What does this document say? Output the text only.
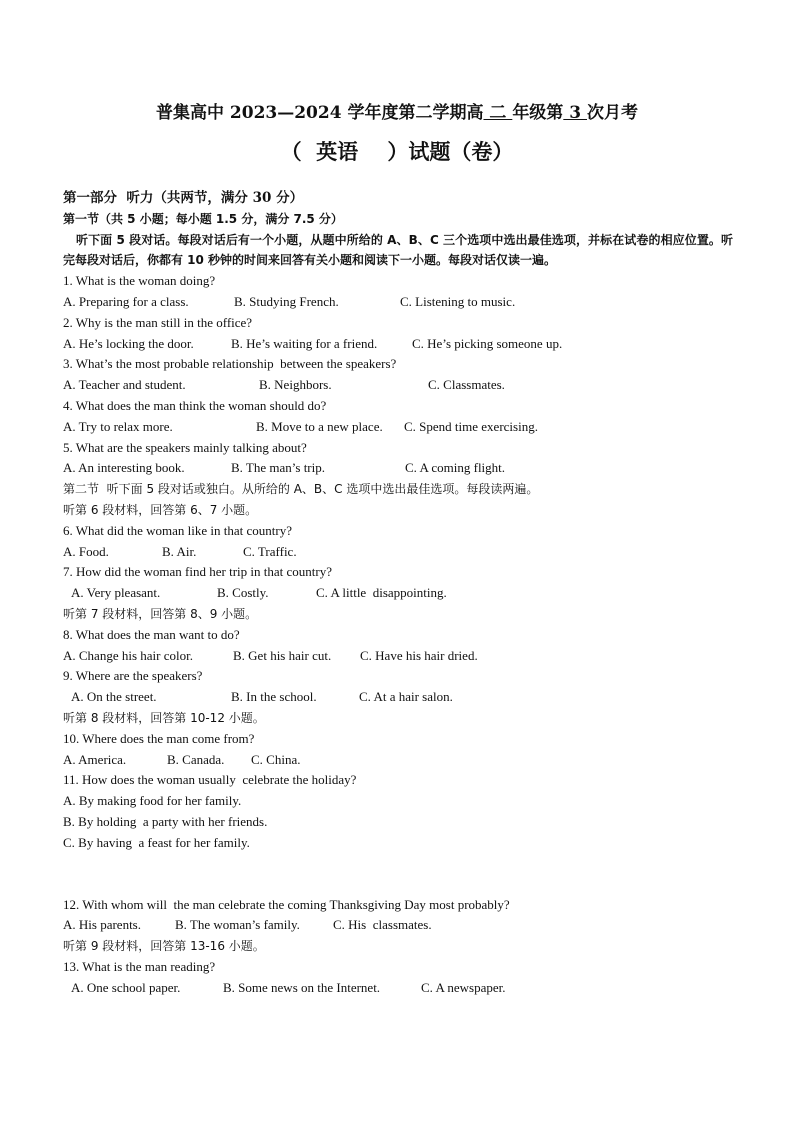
普集高中 2023—2024 学年度第二学期高 二 年级第 3 次月考
（  英语    ）试题（卷）
第一部分  听力（共两节，满分 30 分）
第一节（共 5 小题；每小题 1.5 分，满分 7.5 分）
听下面 5 段对话。每段对话后有一个小题，从题中所给的 A、B、C 三个选项中选出最佳选项，并标在试卷的相应位置。听完每段对话后，你都有 10 秒钟的时间来回答有关小题和阅读下一小题。每段对话仅读一遍。
1. What is the woman doing?
A. Preparing for a class.	B. Studying French.	C. Listening to music.
2. Why is the man still in the office?
A. He’s locking the door.	B. He’s waiting for a friend.	C. He’s picking someone up.
3. What’s the most probable relationship  between the speakers?
A. Teacher and student.	B. Neighbors.	C. Classmates.
4. What does the man think the woman should do?
A. Try to relax more.	B. Move to a new place. C. Spend time exercising.
5. What are the speakers mainly talking about?
A. An interesting book.	B. The man’s trip.	C. A coming flight.
第二节  听下面 5 段对话或独白。从所给的 A、B、C 选项中选出最佳选项。每段读两遍。
听第 6 段材料，回答第 6、7 小题。
6. What did the woman like in that country?
A. Food.	B. Air.	C. Traffic.
7. How did the woman find her trip in that country?
A. Very pleasant.	B. Costly.	C. A little  disappointing.
听第 7 段材料，回答第 8、9 小题。
8. What does the man want to do?
A. Change his hair color.	B. Get his hair cut. C. Have his hair dried.
9. Where are the speakers?
A. On the street.	B. In the school.	C. At a hair salon.
听第 8 段材料，回答第 10-12 小题。
10. Where does the man come from?
A. America.	B. Canada. C. China.
11. How does the woman usually  celebrate the holiday?
A. By making food for her family.
B. By holding  a party with her friends.
C. By having  a feast for her family.
12. With whom will  the man celebrate the coming Thanksgiving Day most probably?
A. His parents.	B. The woman’s family.	C. His  classmates.
听第 9 段材料，回答第 13-16 小题。
13. What is the man reading?
A. One school paper.	B. Some news on the Internet.	C. A newspaper.
